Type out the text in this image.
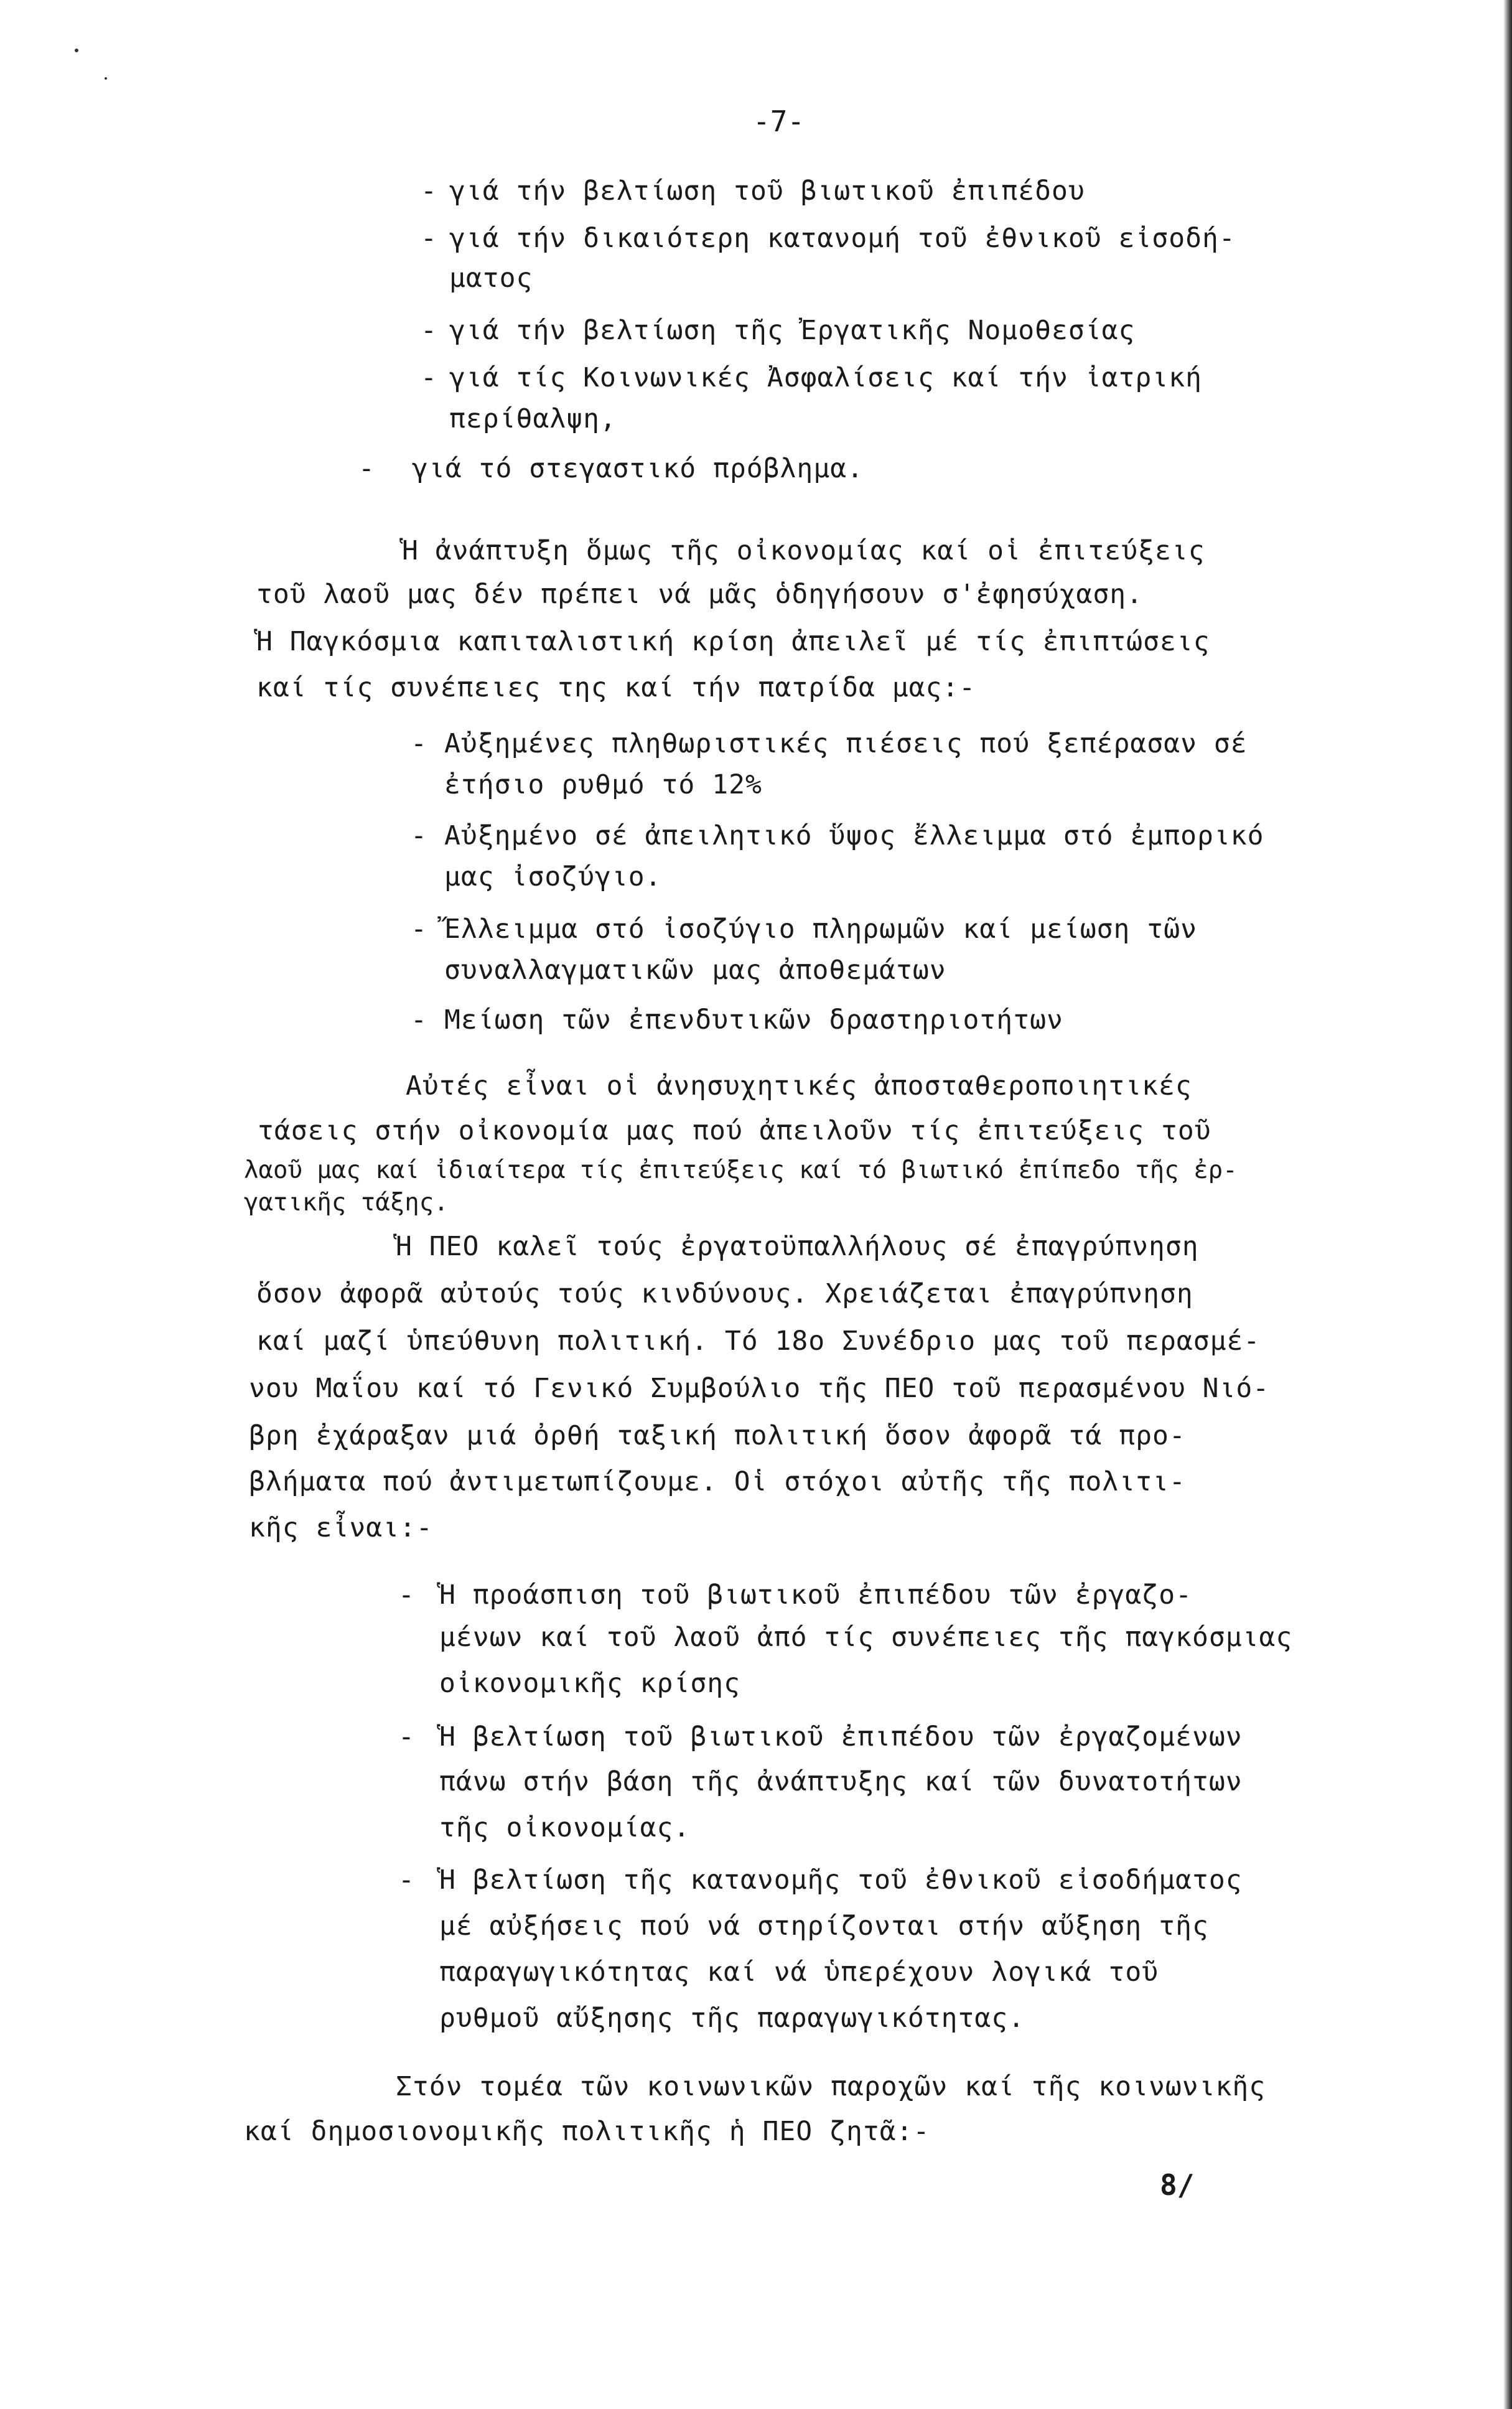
-7-
- γιά τήν βελτίωση τοῦ βιωτικοῦ ἐπιπέδου
- γιά τήν δικαιότερη κατανομή τοῦ ἐθνικοῦ εἰσοδή-
ματος
- γιά τήν βελτίωση τῆς Ἐργατικῆς Νομοθεσίας
- γιά τίς Κοινωνικές Ἀσφαλίσεις καί τήν ἰατρική
περίθαλψη,
- γιά τό στεγαστικό πρόβλημα.
Ἡ ἀνάπτυξη ὅμως τῆς οἰκονομίας καί οἱ ἐπιτεύξεις
τοῦ λαοῦ μας δέν πρέπει νά μᾶς ὁδηγήσουν σ'ἐφησύχαση.
Ἡ Παγκόσμια καπιταλιστική κρίση ἀπειλεῖ μέ τίς ἐπιπτώσεις
καί τίς συνέπειες της καί τήν πατρίδα μας:-
- Αὐξημένες πληθωριστικές πιέσεις πού ξεπέρασαν σέ
ἐτήσιο ρυθμό τό 12%
- Αὐξημένο σέ ἀπειλητικό ὕψος ἔλλειμμα στό ἐμπορικό
μας ἰσοζύγιο.
- Ἔλλειμμα στό ἰσοζύγιο πληρωμῶν καί μείωση τῶν
συναλλαγματικῶν μας ἀποθεμάτων
- Μείωση τῶν ἐπενδυτικῶν δραστηριοτήτων
Αὐτές εἶναι οἱ ἀνησυχητικές ἀποσταθεροποιητικές
τάσεις στήν οἰκονομία μας πού ἀπειλοῦν τίς ἐπιτεύξεις τοῦ
λαοῦ μας καί ἰδιαίτερα τίς ἐπιτεύξεις καί τό βιωτικό ἐπίπεδο τῆς ἐρ-
γατικῆς τάξης.
Ἡ ΠΕΟ καλεῖ τούς ἐργατοϋπαλλήλους σέ ἐπαγρύπνηση
ὅσον ἀφορᾶ αὐτούς τούς κινδύνους. Χρειάζεται ἐπαγρύπνηση
καί μαζί ὑπεύθυνη πολιτική. Τό 18ο Συνέδριο μας τοῦ περασμέ-
νου Μαΐου καί τό Γενικό Συμβούλιο τῆς ΠΕΟ τοῦ περασμένου Νιό-
βρη ἐχάραξαν μιά ὀρθή ταξική πολιτική ὅσον ἀφορᾶ τά προ-
βλήματα πού ἀντιμετωπίζουμε. Οἱ στόχοι αὐτῆς τῆς πολιτι-
κῆς εἶναι:-
- Ἡ προάσπιση τοῦ βιωτικοῦ ἐπιπέδου τῶν ἐργαζο-
μένων καί τοῦ λαοῦ ἀπό τίς συνέπειες τῆς παγκόσμιας
οἰκονομικῆς κρίσης
- Ἡ βελτίωση τοῦ βιωτικοῦ ἐπιπέδου τῶν ἐργαζομένων
πάνω στήν βάση τῆς ἀνάπτυξης καί τῶν δυνατοτήτων
τῆς οἰκονομίας.
- Ἡ βελτίωση τῆς κατανομῆς τοῦ ἐθνικοῦ εἰσοδήματος
μέ αὐξήσεις πού νά στηρίζονται στήν αὔξηση τῆς
παραγωγικότητας καί νά ὑπερέχουν λογικά τοῦ
ρυθμοῦ αὔξησης τῆς παραγωγικότητας.
Στόν τομέα τῶν κοινωνικῶν παροχῶν καί τῆς κοινωνικῆς
καί δημοσιονομικῆς πολιτικῆς ἡ ΠΕΟ ζητᾶ:-
8/
